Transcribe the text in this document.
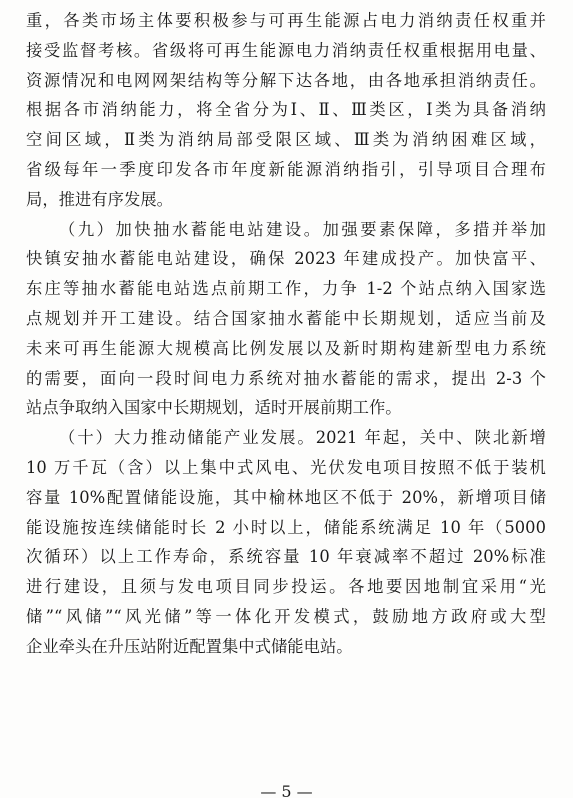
重，各类市场主体要积极参与可再生能源占电力消纳责任权重并
接受监督考核。省级将可再生能源电力消纳责任权重根据用电量、
资源情况和电网网架结构等分解下达各地，由各地承担消纳责任。
根据各市消纳能力，将全省分为Ⅰ、Ⅱ、Ⅲ类区，Ⅰ类为具备消纳
空间区域，Ⅱ类为消纳局部受限区域、Ⅲ类为消纳困难区域，
省级每年一季度印发各市年度新能源消纳指引，引导项目合理布
局，推进有序发展。
（九）加快抽水蓄能电站建设。加强要素保障，多措并举加
快镇安抽水蓄能电站建设，确保 2023 年建成投产。加快富平、
东庄等抽水蓄能电站选点前期工作，力争 1-2 个站点纳入国家选
点规划并开工建设。结合国家抽水蓄能中长期规划，适应当前及
未来可再生能源大规模高比例发展以及新时期构建新型电力系统
的需要，面向一段时间电力系统对抽水蓄能的需求，提出 2-3 个
站点争取纳入国家中长期规划，适时开展前期工作。
（十）大力推动储能产业发展。2021 年起，关中、陕北新增
10 万千瓦（含）以上集中式风电、光伏发电项目按照不低于装机
容量 10%配置储能设施，其中榆林地区不低于 20%，新增项目储
能设施按连续储能时长 2 小时以上，储能系统满足 10 年（5000
次循环）以上工作寿命，系统容量 10 年衰减率不超过 20%标准
进行建设，且须与发电项目同步投运。各地要因地制宜采用“光
储”“风储”“风光储”等一体化开发模式，鼓励地方政府或大型
企业牵头在升压站附近配置集中式储能电站。
— 5 —
